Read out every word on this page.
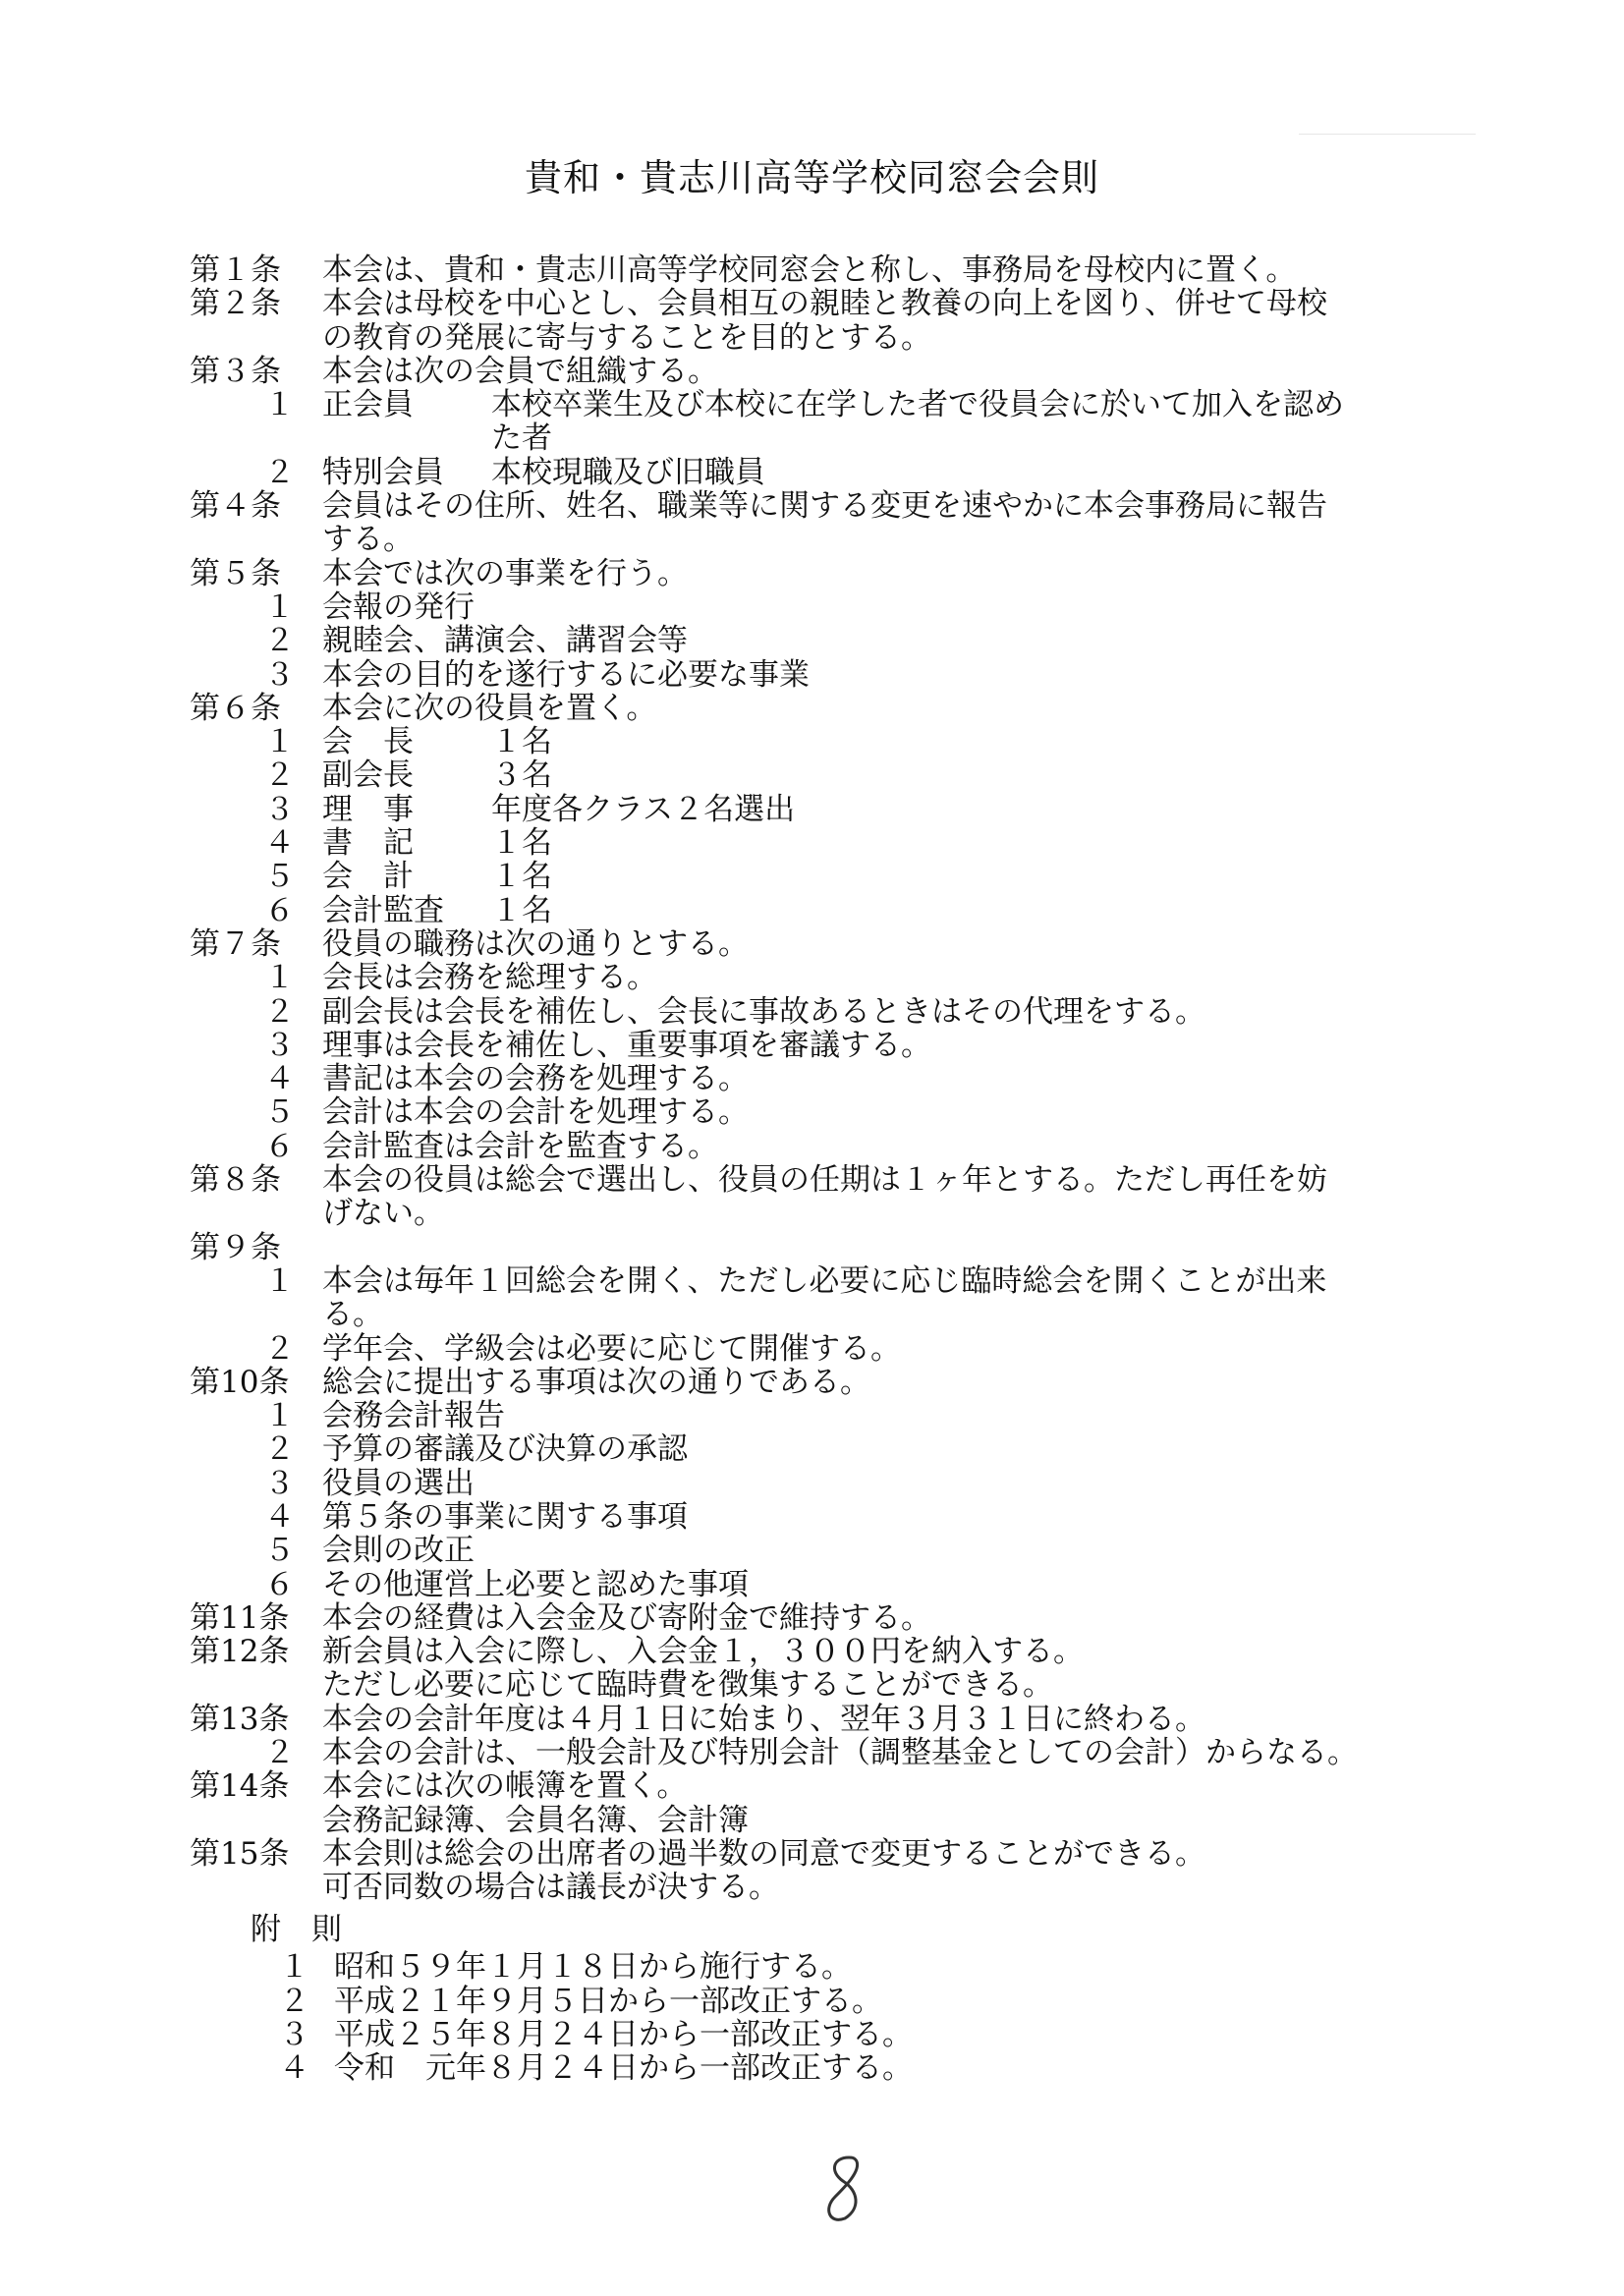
貴和・貴志川高等学校同窓会会則
第１条	本会は、貴和・貴志川高等学校同窓会と称し、事務局を母校内に置く。
第２条	本会は母校を中心とし、会員相互の親睦と教養の向上を図り、併せて母校
の教育の発展に寄与することを目的とする。
第３条	本会は次の会員で組織する。
１ 正会員	本校卒業生及び本校に在学した者で役員会に於いて加入を認め
た者
２ 特別会員	本校現職及び旧職員
第４条	会員はその住所、姓名、職業等に関する変更を速やかに本会事務局に報告
する。
第５条	本会では次の事業を行う。
１ 会報の発行
２ 親睦会、講演会、講習会等
３ 本会の目的を遂行するに必要な事業
第６条	本会に次の役員を置く。
１ 会　長	１名
２ 副会長	３名
３ 理　事	年度各クラス２名選出
４ 書　記	１名
５ 会　計	１名
６ 会計監査	１名
第７条	役員の職務は次の通りとする。
１ 会長は会務を総理する。
２ 副会長は会長を補佐し、会長に事故あるときはその代理をする。
３ 理事は会長を補佐し、重要事項を審議する。
４ 書記は本会の会務を処理する。
５ 会計は本会の会計を処理する。
６ 会計監査は会計を監査する。
第８条	本会の役員は総会で選出し、役員の任期は１ヶ年とする。ただし再任を妨
げない。
第９条
１ 本会は毎年１回総会を開く、ただし必要に応じ臨時総会を開くことが出来
る。
２ 学年会、学級会は必要に応じて開催する。
第10条	総会に提出する事項は次の通りである。
１ 会務会計報告
２ 予算の審議及び決算の承認
３ 役員の選出
４ 第５条の事業に関する事項
５ 会則の改正
６ その他運営上必要と認めた事項
第11条	本会の経費は入会金及び寄附金で維持する。
第12条	新会員は入会に際し、入会金１，３００円を納入する。
ただし必要に応じて臨時費を徴集することができる。
第13条	本会の会計年度は４月１日に始まり、翌年３月３１日に終わる。
２ 本会の会計は、一般会計及び特別会計（調整基金としての会計）からなる。
第14条	本会には次の帳簿を置く。
会務記録簿、会員名簿、会計簿
第15条	本会則は総会の出席者の過半数の同意で変更することができる。
可否同数の場合は議長が決する。
附　則
１ 昭和５９年１月１８日から施行する。
２ 平成２１年９月５日から一部改正する。
３ 平成２５年８月２４日から一部改正する。
４ 令和　元年８月２４日から一部改正する。
